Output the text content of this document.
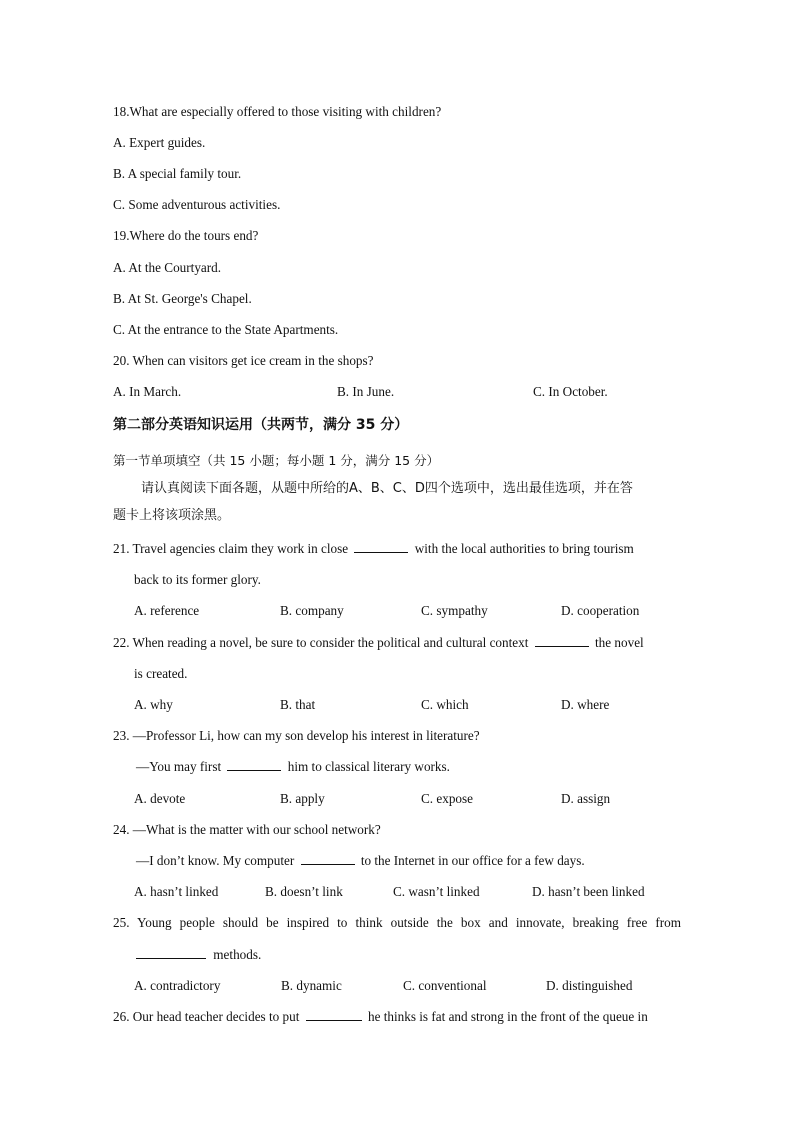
18.What are especially offered to those visiting with children?
A. Expert guides.
B. A special family tour.
C. Some adventurous activities.
19.Where do the tours end?
A. At the Courtyard.
B. At St. George's Chapel.
C. At the entrance to the State Apartments.
20. When can visitors get ice cream in the shops?
A. In March.	B. In June.	C. In October.
第二部分英语知识运用（共两节，满分 35 分）
第一节单项填空（共 15 小题；每小题 1 分，满分 15 分）
请认真阅读下面各题，从题中所给的A、B、C、D四个选项中，选出最佳选项，并在答
题卡上将该项涂黑。
21. Travel agencies claim they work in close	with the local authorities to bring tourism
back to its former glory.
A. reference	B. company	C. sympathy	D. cooperation
22. When reading a novel, be sure to consider the political and cultural context	the novel
is created.
A. why	B. that	C. which	D. where
23. —Professor Li, how can my son develop his interest in literature?
—You may first	him to classical literary works.
A. devote	B. apply	C. expose	D. assign
24. —What is the matter with our school network?
—I don’t know. My computer	to the Internet in our office for a few days.
A. hasn’t linked	B. doesn’t link	C. wasn’t linked	D. hasn’t been linked
25. Young people should be inspired to think outside the box and innovate, breaking free from
methods.
A. contradictory	B. dynamic	C. conventional	D. distinguished
26. Our head teacher decides to put	he thinks is fat and strong in the front of the queue in
